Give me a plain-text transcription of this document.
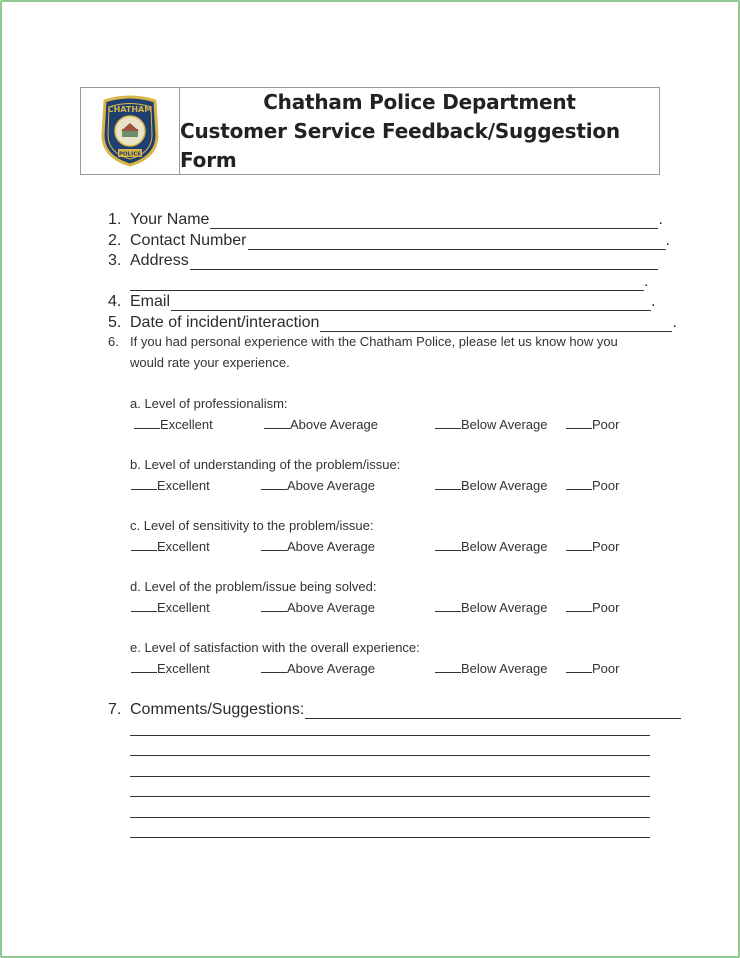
CHATHAM
POLICE
Chatham Police Department
Customer Service Feedback/Suggestion Form
1. Your Name	.
2. Contact Number	.
3. Address
.
4. Email	.
5. Date of incident/interaction	.
6. If you had personal experience with the Chatham Police, please let us know how you
would rate your experience.
a. Level of professionalism:
Excellent	Above Average	Below Average	Poor
b. Level of understanding of the problem/issue:
Excellent	Above Average	Below Average	Poor
c. Level of sensitivity to the problem/issue:
Excellent	Above Average	Below Average	Poor
d. Level of the problem/issue being solved:
Excellent	Above Average	Below Average	Poor
e. Level of satisfaction with the overall experience:
Excellent	Above Average	Below Average	Poor
7. Comments/Suggestions:
